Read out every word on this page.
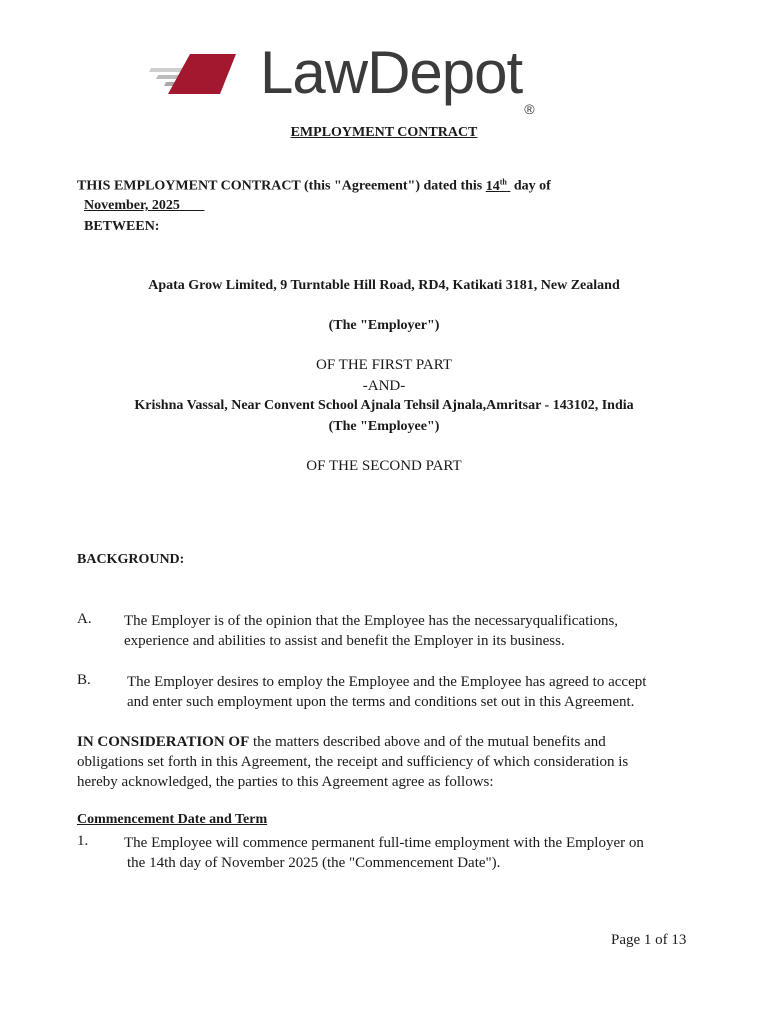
LawDepot®
EMPLOYMENT CONTRACT
THIS EMPLOYMENT CONTRACT (this "Agreement") dated this 14th  day of
November, 2025
BETWEEN:
Apata Grow Limited, 9 Turntable Hill Road, RD4, Katikati 3181, New Zealand
(The "Employer")
OF THE FIRST PART
-AND-
Krishna Vassal, Near Convent School Ajnala Tehsil Ajnala,Amritsar - 143102, India
(The "Employee")
OF THE SECOND PART
BACKGROUND:
A. The Employer is of the opinion that the Employee has the necessaryqualifications,
experience and abilities to assist and benefit the Employer in its business.
B. The Employer desires to employ the Employee and the Employee has agreed to accept
and enter such employment upon the terms and conditions set out in this Agreement.
IN CONSIDERATION OF the matters described above and of the mutual benefits and
obligations set forth in this Agreement, the receipt and sufficiency of which consideration is
hereby acknowledged, the parties to this Agreement agree as follows:
Commencement Date and Term
1. The Employee will commence permanent full-time employment with the Employer on
the 14th day of November 2025 (the "Commencement Date").
Page 1 of 13
